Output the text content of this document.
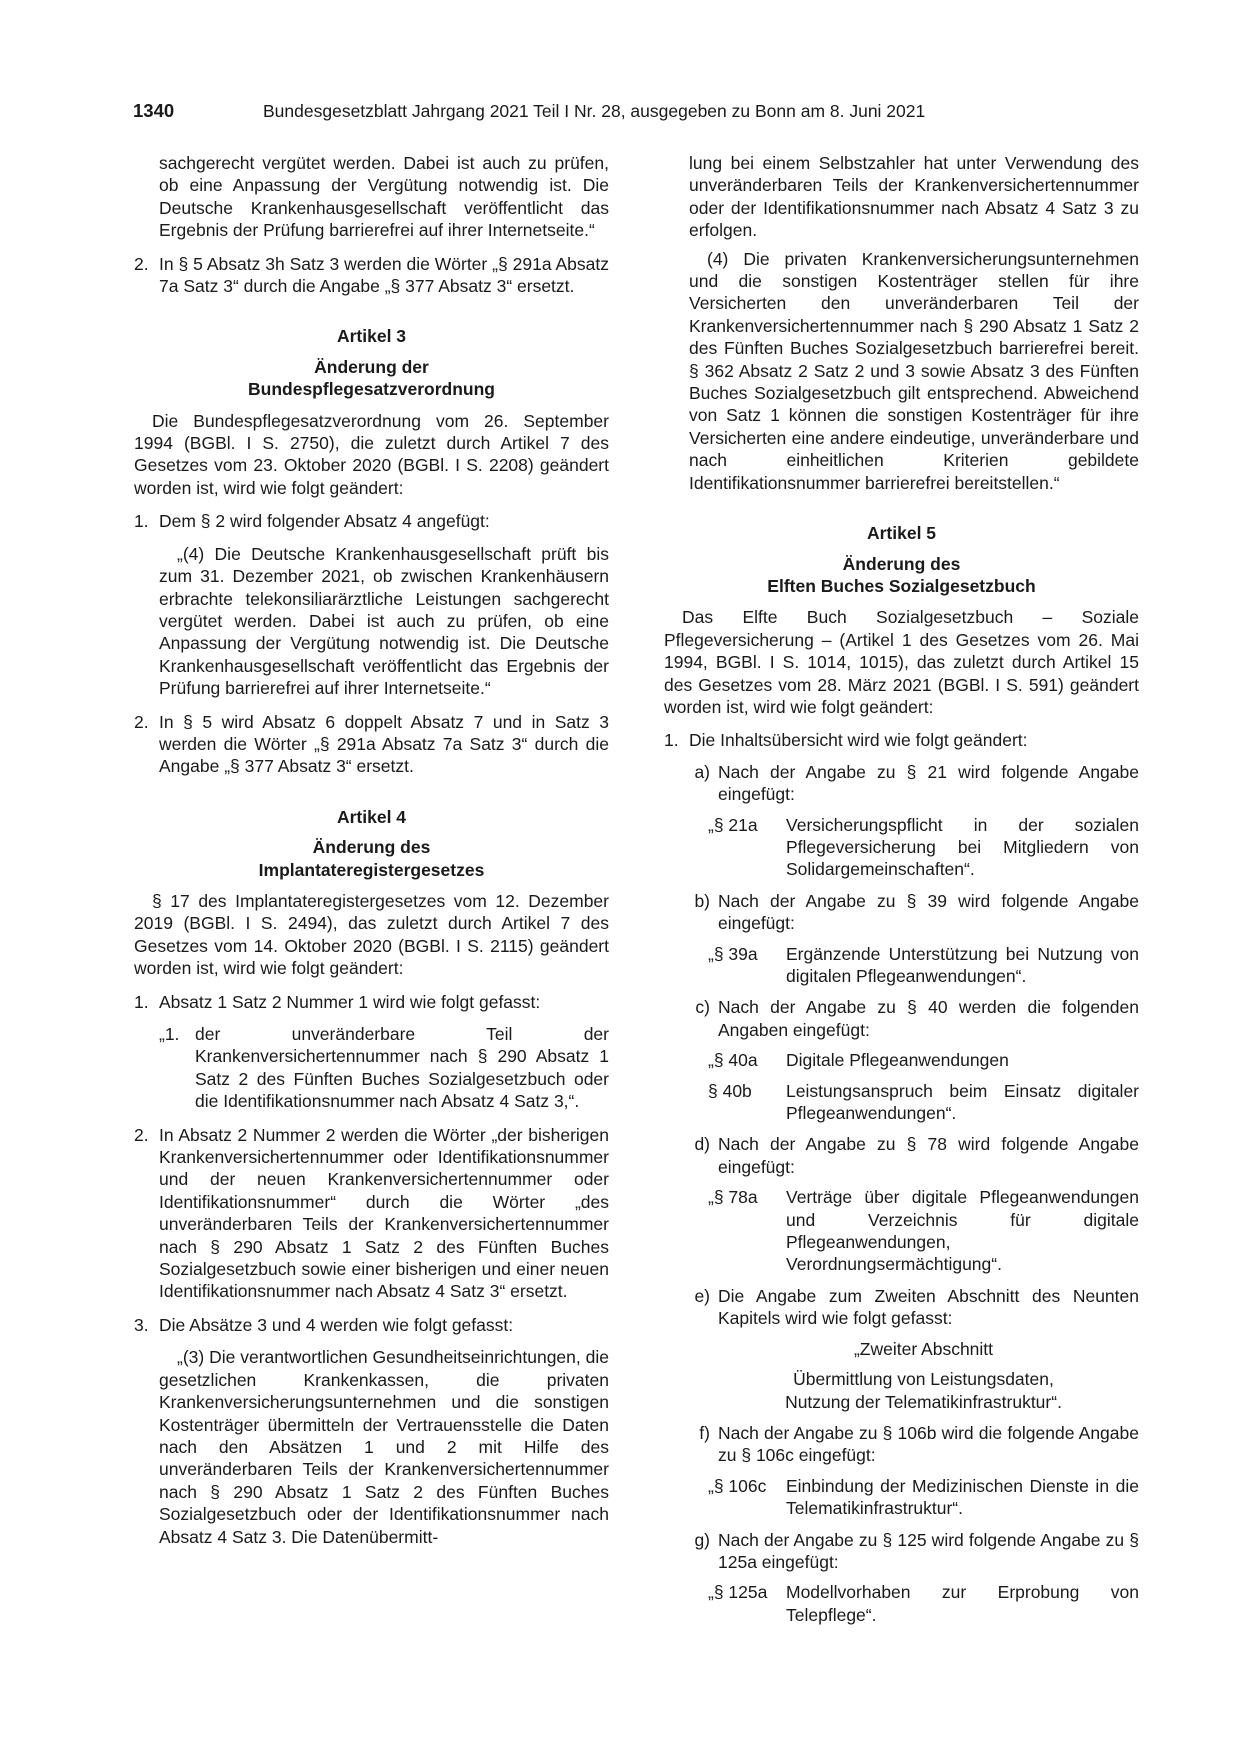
1340	Bundesgesetzblatt Jahrgang 2021 Teil I Nr. 28, ausgegeben zu Bonn am 8. Juni 2021

sachgerecht vergütet werden. Dabei ist auch zu prüfen, ob eine Anpassung der Vergütung notwendig ist. Die Deutsche Krankenhausgesellschaft veröffentlicht das Ergebnis der Prüfung barrierefrei auf ihrer Internetseite.“

2. In § 5 Absatz 3h Satz 3 werden die Wörter „§ 291a Absatz 7a Satz 3“ durch die Angabe „§ 377 Absatz 3“ ersetzt.
Artikel 3
Änderung der
Bundespflegesatzverordnung

Die Bundespflegesatzverordnung vom 26. September 1994 (BGBl. I S. 2750), die zuletzt durch Artikel 7 des Gesetzes vom 23. Oktober 2020 (BGBl. I S. 2208) geändert worden ist, wird wie folgt geändert:

1. Dem § 2 wird folgender Absatz 4 angefügt:

„(4) Die Deutsche Krankenhausgesellschaft prüft bis zum 31. Dezember 2021, ob zwischen Krankenhäusern erbrachte telekonsiliarärztliche Leistungen sachgerecht vergütet werden. Dabei ist auch zu prüfen, ob eine Anpassung der Vergütung notwendig ist. Die Deutsche Krankenhausgesellschaft veröffentlicht das Ergebnis der Prüfung barrierefrei auf ihrer Internetseite.“

2. In § 5 wird Absatz 6 doppelt Absatz 7 und in Satz 3 werden die Wörter „§ 291a Absatz 7a Satz 3“ durch die Angabe „§ 377 Absatz 3“ ersetzt.
Artikel 4
Änderung des
Implantateregistergesetzes

§ 17 des Implantateregistergesetzes vom 12. Dezember 2019 (BGBl. I S. 2494), das zuletzt durch Artikel 7 des Gesetzes vom 14. Oktober 2020 (BGBl. I S. 2115) geändert worden ist, wird wie folgt geändert:

1. Absatz 1 Satz 2 Nummer 1 wird wie folgt gefasst:
„1. der unveränderbare Teil der Krankenversichertennummer nach § 290 Absatz 1 Satz 2 des Fünften Buches Sozialgesetzbuch oder die Identifikationsnummer nach Absatz 4 Satz 3,“.
2. In Absatz 2 Nummer 2 werden die Wörter „der bisherigen Krankenversichertennummer oder Identifikationsnummer und der neuen Krankenversichertennummer oder Identifikationsnummer“ durch die Wörter „des unveränderbaren Teils der Krankenversichertennummer nach § 290 Absatz 1 Satz 2 des Fünften Buches Sozialgesetzbuch sowie einer bisherigen und einer neuen Identifikationsnummer nach Absatz 4 Satz 3“ ersetzt.
3. Die Absätze 3 und 4 werden wie folgt gefasst:

„(3) Die verantwortlichen Gesundheitseinrichtungen, die gesetzlichen Krankenkassen, die privaten Krankenversicherungsunternehmen und die sonstigen Kostenträger übermitteln der Vertrauensstelle die Daten nach den Absätzen 1 und 2 mit Hilfe des unveränderbaren Teils der Krankenversichertennummer nach § 290 Absatz 1 Satz 2 des Fünften Buches Sozialgesetzbuch oder der Identifikationsnummer nach Absatz 4 Satz 3. Die Datenübermitt-

lung bei einem Selbstzahler hat unter Verwendung des unveränderbaren Teils der Krankenversichertennummer oder der Identifikationsnummer nach Absatz 4 Satz 3 zu erfolgen.

(4) Die privaten Krankenversicherungsunternehmen und die sonstigen Kostenträger stellen für ihre Versicherten den unveränderbaren Teil der Krankenversichertennummer nach § 290 Absatz 1 Satz 2 des Fünften Buches Sozialgesetzbuch barrierefrei bereit. § 362 Absatz 2 Satz 2 und 3 sowie Absatz 3 des Fünften Buches Sozialgesetzbuch gilt entsprechend. Abweichend von Satz 1 können die sonstigen Kostenträger für ihre Versicherten eine andere eindeutige, unveränderbare und nach einheitlichen Kriterien gebildete Identifikationsnummer barrierefrei bereitstellen.“

Artikel 5
Änderung des
Elften Buches Sozialgesetzbuch

Das Elfte Buch Sozialgesetzbuch – Soziale Pflegeversicherung – (Artikel 1 des Gesetzes vom 26. Mai 1994, BGBl. I S. 1014, 1015), das zuletzt durch Artikel 15 des Gesetzes vom 28. März 2021 (BGBl. I S. 591) geändert worden ist, wird wie folgt geändert:

1. Die Inhaltsübersicht wird wie folgt geändert:
a) Nach der Angabe zu § 21 wird folgende Angabe eingefügt:
„§ 21a	Versicherungspflicht in der sozialen Pflegeversicherung bei Mitgliedern von Solidargemeinschaften“.
b) Nach der Angabe zu § 39 wird folgende Angabe eingefügt:
„§ 39a	Ergänzende Unterstützung bei Nutzung von digitalen Pflegeanwendungen“.
c) Nach der Angabe zu § 40 werden die folgenden Angaben eingefügt:
„§ 40a	Digitale Pflegeanwendungen
§ 40b	Leistungsanspruch beim Einsatz digitaler Pflegeanwendungen“.
d) Nach der Angabe zu § 78 wird folgende Angabe eingefügt:
„§ 78a	Verträge über digitale Pflegeanwendungen und Verzeichnis für digitale Pflegeanwendungen, Verordnungsermächtigung“.
e) Die Angabe zum Zweiten Abschnitt des Neunten Kapitels wird wie folgt gefasst:
„Zweiter Abschnitt
Übermittlung von Leistungsdaten,
Nutzung der Telematikinfrastruktur“.
f) Nach der Angabe zu § 106b wird die folgende Angabe zu § 106c eingefügt:
„§ 106c	Einbindung der Medizinischen Dienste in die Telematikinfrastruktur“.
g) Nach der Angabe zu § 125 wird folgende Angabe zu § 125a eingefügt:
„§ 125a	Modellvorhaben zur Erprobung von Telepflege“.
